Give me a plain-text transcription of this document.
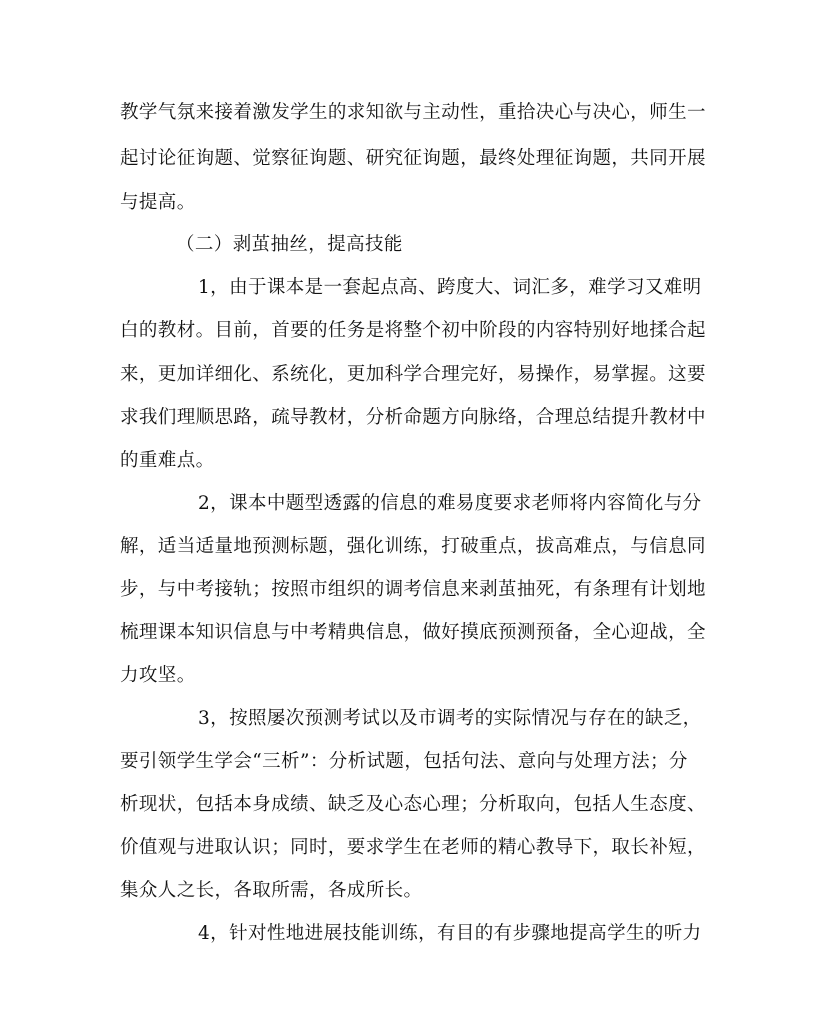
教学气氛来接着激发学生的求知欲与主动性，重拾决心与决心，师生一
起讨论征询题、觉察征询题、研究征询题，最终处理征询题，共同开展
与提高。
（二）剥茧抽丝，提高技能
1，由于课本是一套起点高、跨度大、词汇多，难学习又难明
白的教材。目前，首要的任务是将整个初中阶段的内容特别好地揉合起
来，更加详细化、系统化，更加科学合理完好，易操作，易掌握。这要
求我们理顺思路，疏导教材，分析命题方向脉络，合理总结提升教材中
的重难点。
2，课本中题型透露的信息的难易度要求老师将内容简化与分
解，适当适量地预测标题，强化训练，打破重点，拔高难点，与信息同
步，与中考接轨；按照市组织的调考信息来剥茧抽死，有条理有计划地
梳理课本知识信息与中考精典信息，做好摸底预测预备，全心迎战，全
力攻坚。
3，按照屡次预测考试以及市调考的实际情况与存在的缺乏，
要引领学生学会“三析”：分析试题，包括句法、意向与处理方法；分
析现状，包括本身成绩、缺乏及心态心理；分析取向，包括人生态度、
价值观与进取认识；同时，要求学生在老师的精心教导下，取长补短，
集众人之长，各取所需，各成所长。
4，针对性地进展技能训练，有目的有步骤地提高学生的听力
